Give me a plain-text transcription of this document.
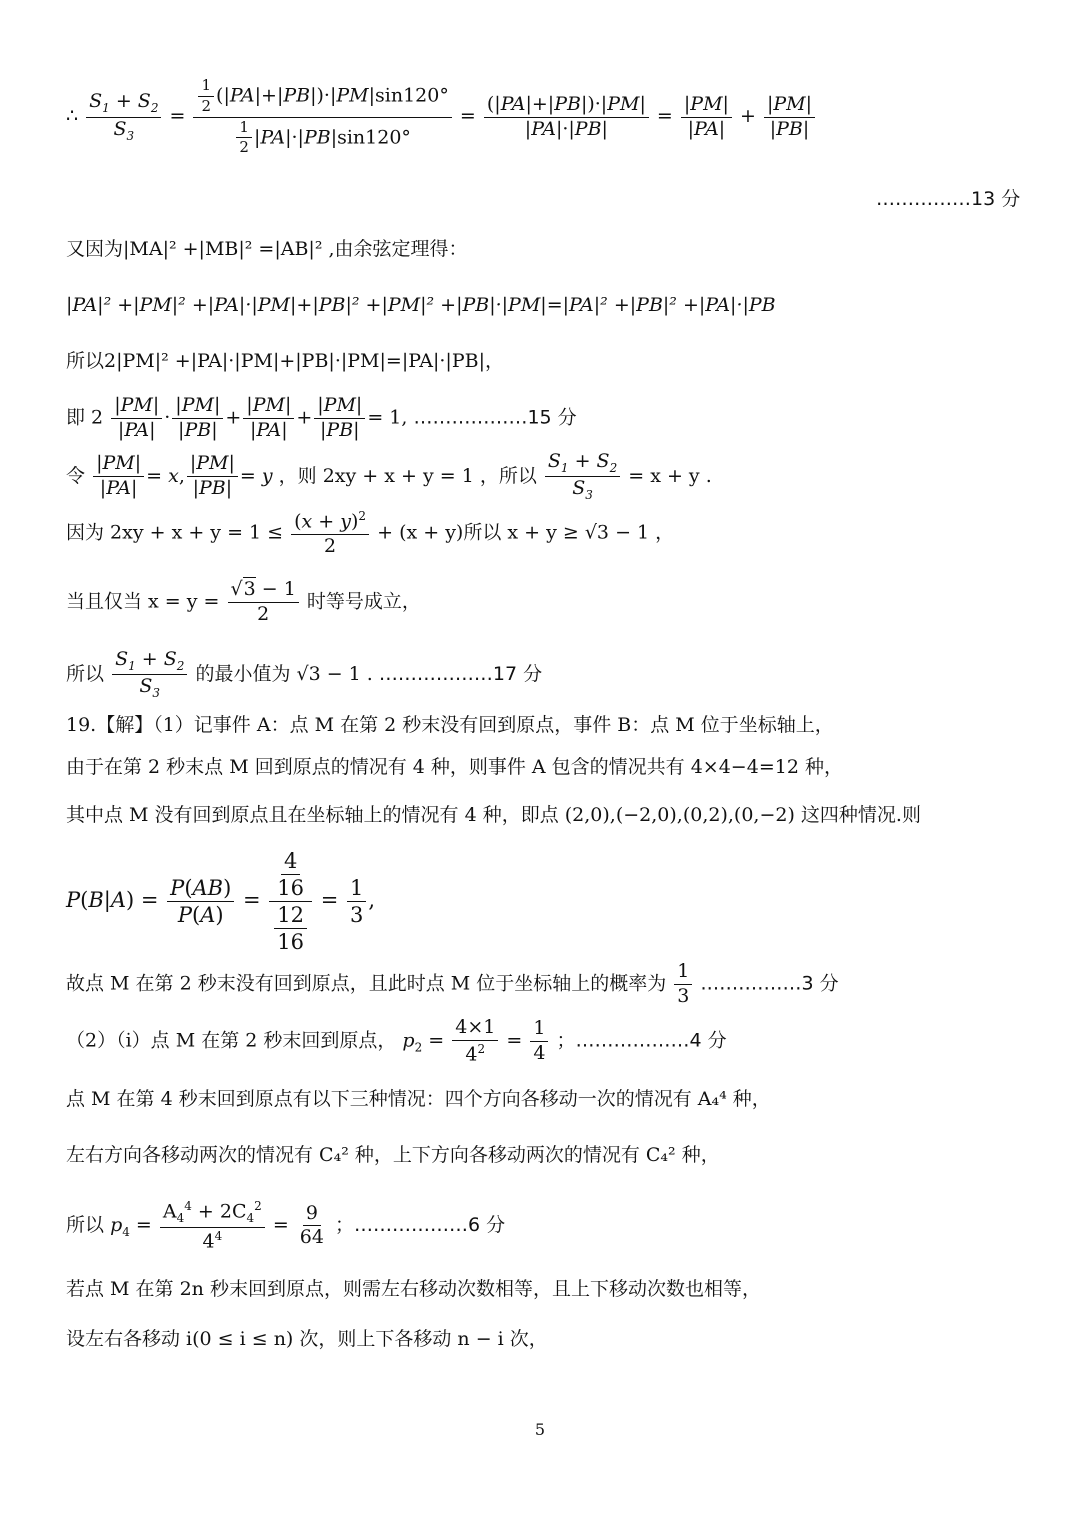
∴ $\frac{S_1 + S_2}{S_3} = \frac{\frac{1}{2} (|PA|+|PB|)\cdot|PM|\sin 120^\circ}{\frac{1}{2} |PA|\cdot|PB|\sin 120^\circ} = \frac{(|PA|+|PB|)\cdot|PM|}{|PA|\cdot|PB|} = \frac{|PM|}{|PA|} + \frac{|PM|}{|PB|}$
……………13 分
又因为|MA|² +|MB|² =|AB|² ,由余弦定理得：
|PA|² +|PM|² +|PA|·|PM|+|PB|² +|PM|² +|PB|·|PM|=|PA|² +|PB|² +|PA|·|PB
所以2|PM|² +|PA|·|PM|+|PB|·|PM|=|PA|·|PB|，
即 $2 \frac{|PM|}{|PA|} \cdot \frac{|PM|}{|PB|} + \frac{|PM|}{|PA|} + \frac{|PM|}{|PB|} = 1$, ………………15 分
令 $\frac{|PM|}{|PA|} = x$, $\frac{|PM|}{|PB|} = y$ ，则 2xy + x + y = 1 ，所以 $\frac{S_1 + S_2}{S_3} = x + y$ .
因为 $2xy + x + y = 1 \le \frac{(x + y)^2}{2} + (x + y)$所以 x + y ≥ √3 − 1 ，
当且仅当 $x = y = \frac{√3 - 1}{2}$ 时等号成立，
所以 $\frac{S_1 + S_2}{S_3}$ 的最小值为 √3 − 1 . ………………17 分
19.【解】（1）记事件 A：点 M 在第 2 秒末没有回到原点，事件 B：点 M 位于坐标轴上，
由于在第 2 秒末点 M 回到原点的情况有 4 种，则事件 A 包含的情况共有 4×4−4=12 种，
其中点 M 没有回到原点且在坐标轴上的情况有 4 种，即点 (2,0),(−2,0),(0,2),(0,−2) 这四种情况.则
$P(B|A) = \frac{P(AB)}{P(A)} = \frac{\frac{4}{16}}{\frac{12}{16}} = \frac{1}{3}$ ,
故点 M 在第 2 秒末没有回到原点，且此时点 M 位于坐标轴上的概率为 $\frac{1}{3}$ .……………3 分
（2）（i）点 M 在第 2 秒末回到原点， $p_2 = \frac{4\times 1}{4^2} = \frac{1}{4}$ ；………………4 分
点 M 在第 4 秒末回到原点有以下三种情况：四个方向各移动一次的情况有 A₄⁴ 种，
左右方向各移动两次的情况有 C₄² 种，上下方向各移动两次的情况有 C₄² 种，
所以 $p_4 = \frac{A_4^4 + 2C_4^2}{4^4} = \frac{9}{64}$ ；………………6 分
若点 M 在第 2n 秒末回到原点，则需左右移动次数相等，且上下移动次数也相等，
设左右各移动 i(0 ≤ i ≤ n) 次，则上下各移动 n − i 次，
5
